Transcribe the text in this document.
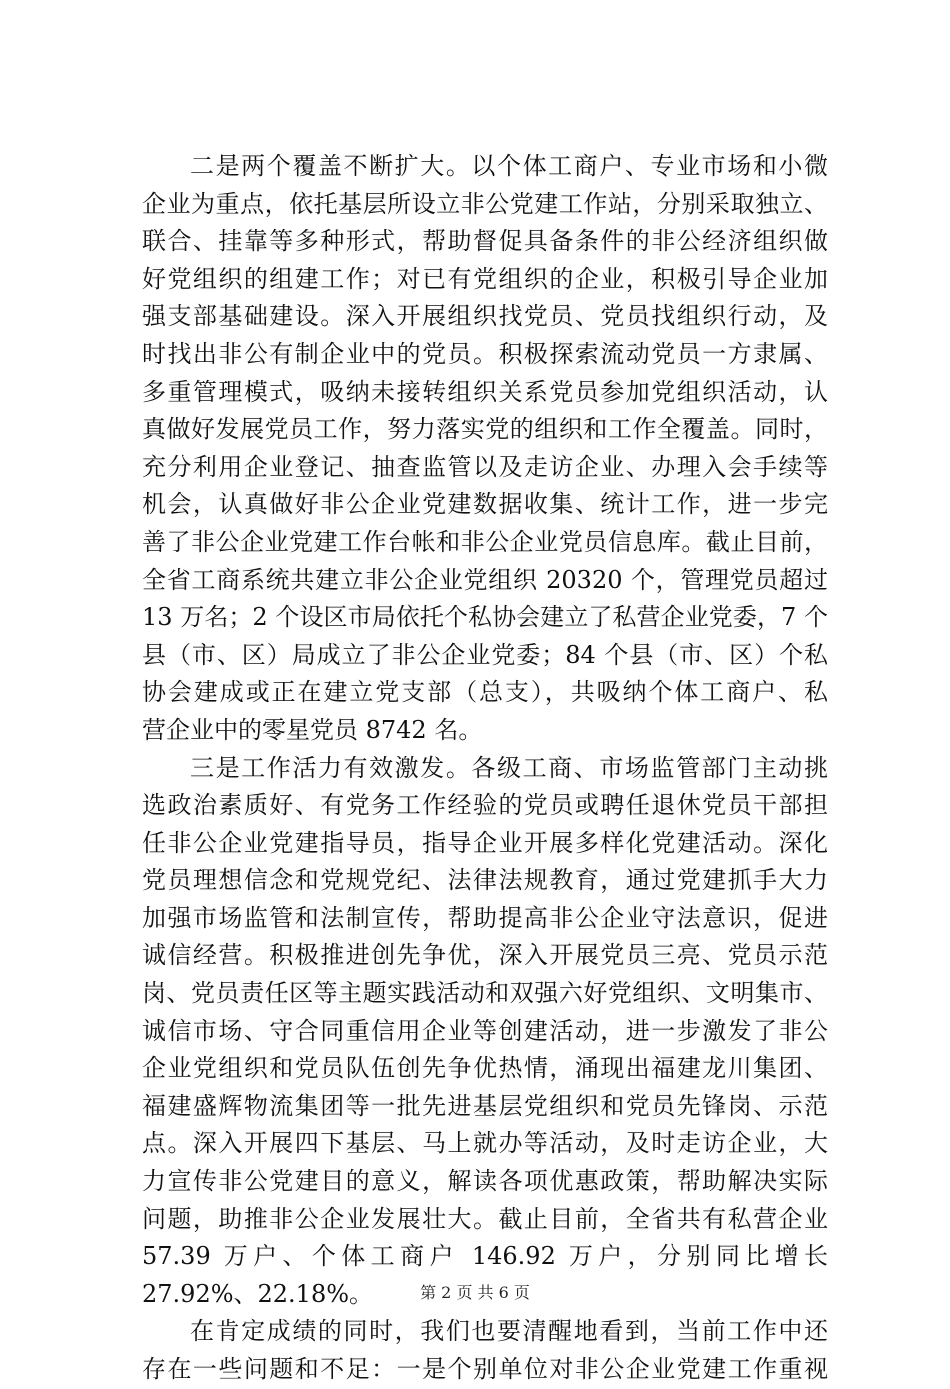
二是两个覆盖不断扩大。以个体工商户、专业市场和小微
企业为重点，依托基层所设立非公党建工作站，分别采取独立、
联合、挂靠等多种形式，帮助督促具备条件的非公经济组织做
好党组织的组建工作；对已有党组织的企业，积极引导企业加
强支部基础建设。深入开展组织找党员、党员找组织行动，及
时找出非公有制企业中的党员。积极探索流动党员一方隶属、
多重管理模式，吸纳未接转组织关系党员参加党组织活动，认
真做好发展党员工作，努力落实党的组织和工作全覆盖。同时，
充分利用企业登记、抽查监管以及走访企业、办理入会手续等
机会，认真做好非公企业党建数据收集、统计工作，进一步完
善了非公企业党建工作台帐和非公企业党员信息库。截止目前，
全省工商系统共建立非公企业党组织 20320 个，管理党员超过
13 万名；2 个设区市局依托个私协会建立了私营企业党委，7 个
县（市、区）局成立了非公企业党委；84 个县（市、区）个私
协会建成或正在建立党支部（总支），共吸纳个体工商户、私
营企业中的零星党员 8742 名。
三是工作活力有效激发。各级工商、市场监管部门主动挑
选政治素质好、有党务工作经验的党员或聘任退休党员干部担
任非公企业党建指导员，指导企业开展多样化党建活动。深化
党员理想信念和党规党纪、法律法规教育，通过党建抓手大力
加强市场监管和法制宣传，帮助提高非公企业守法意识，促进
诚信经营。积极推进创先争优，深入开展党员三亮、党员示范
岗、党员责任区等主题实践活动和双强六好党组织、文明集市、
诚信市场、守合同重信用企业等创建活动，进一步激发了非公
企业党组织和党员队伍创先争优热情，涌现出福建龙川集团、
福建盛辉物流集团等一批先进基层党组织和党员先锋岗、示范
点。深入开展四下基层、马上就办等活动，及时走访企业，大
力宣传非公党建目的意义，解读各项优惠政策，帮助解决实际
问题，助推非公企业发展壮大。截止目前，全省共有私营企业
57.39 万户、个体工商户 146.92 万户，分别同比增长
27.92%、22.18%。
在肯定成绩的同时，我们也要清醒地看到，当前工作中还
存在一些问题和不足：一是个别单位对非公企业党建工作重视
第 2 页 共 6 页
